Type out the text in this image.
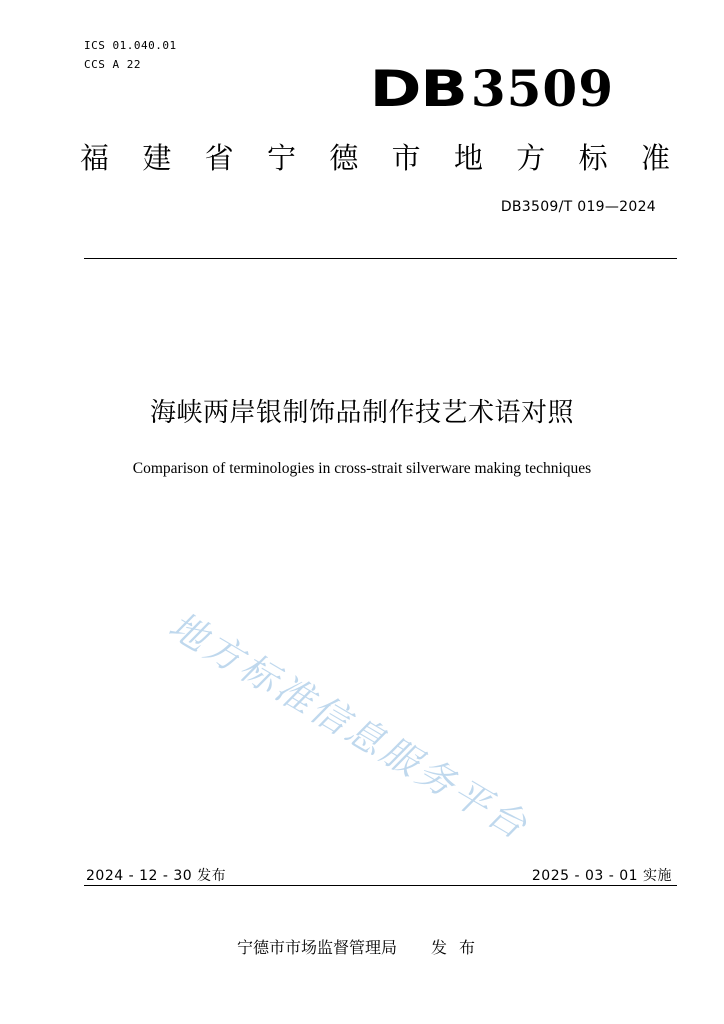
ICS 01.040.01
CCS A 22	DB3509
福 建 省 宁 德 市 地 方 标 准
DB3509/T 019—2024
海峡两岸银制饰品制作技艺术语对照
Comparison of terminologies in cross-strait silverware making techniques
地方标准信息服务平台
2024 - 12 - 30 发布	2025 - 03 - 01 实施
宁德市市场监督管理局 发布
